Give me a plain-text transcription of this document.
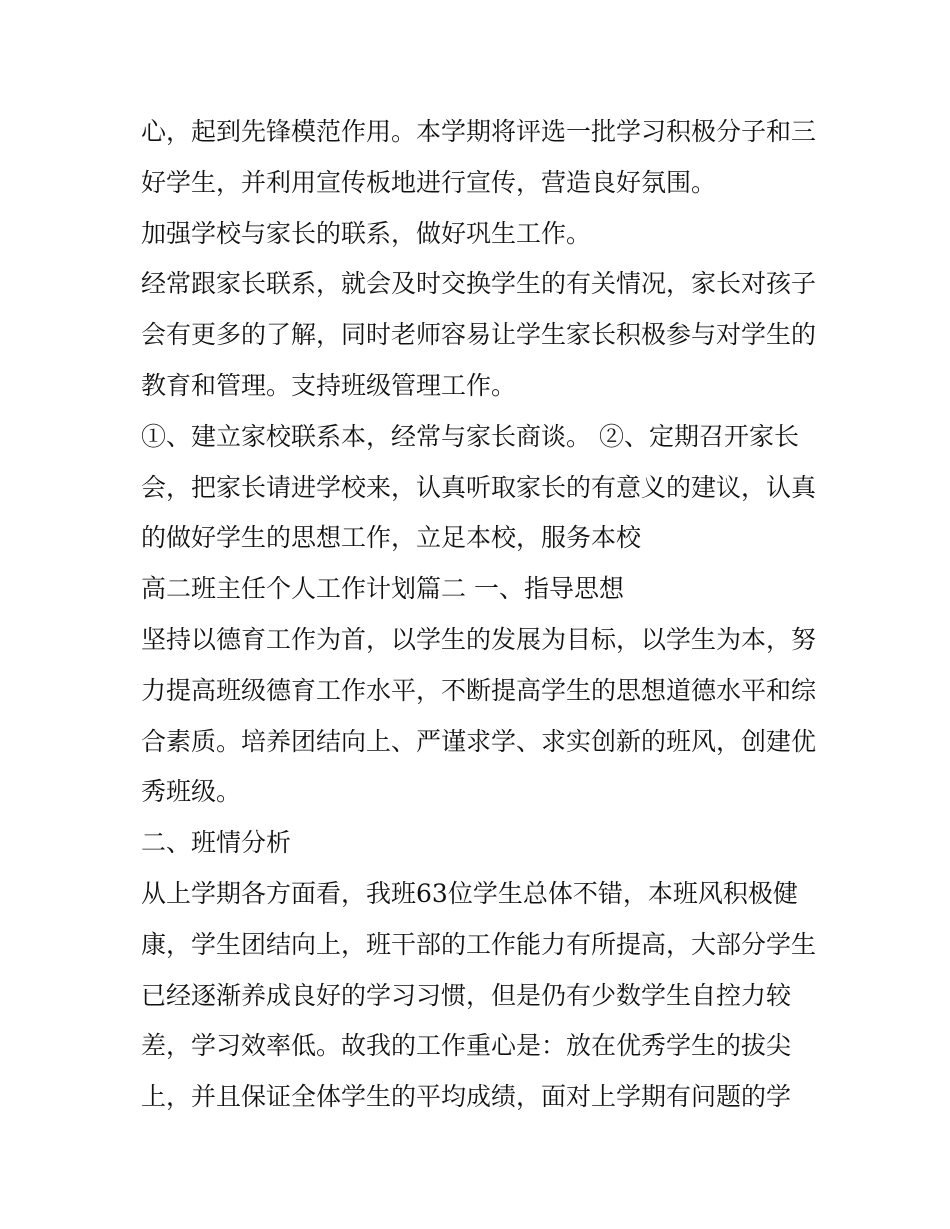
心，起到先锋模范作用。本学期将评选一批学习积极分子和三
好学生，并利用宣传板地进行宣传，营造良好氛围。
加强学校与家长的联系，做好巩生工作。
经常跟家长联系，就会及时交换学生的有关情况，家长对孩子
会有更多的了解，同时老师容易让学生家长积极参与对学生的
教育和管理。支持班级管理工作。
①、建立家校联系本，经常与家长商谈。 ②、定期召开家长
会，把家长请进学校来，认真听取家长的有意义的建议，认真
的做好学生的思想工作，立足本校，服务本校
高二班主任个人工作计划篇二 一、指导思想
坚持以德育工作为首，以学生的发展为目标，以学生为本，努
力提高班级德育工作水平，不断提高学生的思想道德水平和综
合素质。培养团结向上、严谨求学、求实创新的班风，创建优
秀班级。
二、班情分析
从上学期各方面看，我班63位学生总体不错，本班风积极健
康，学生团结向上，班干部的工作能力有所提高，大部分学生
已经逐渐养成良好的学习习惯，但是仍有少数学生自控力较
差，学习效率低。故我的工作重心是：放在优秀学生的拔尖
上，并且保证全体学生的平均成绩，面对上学期有问题的学
